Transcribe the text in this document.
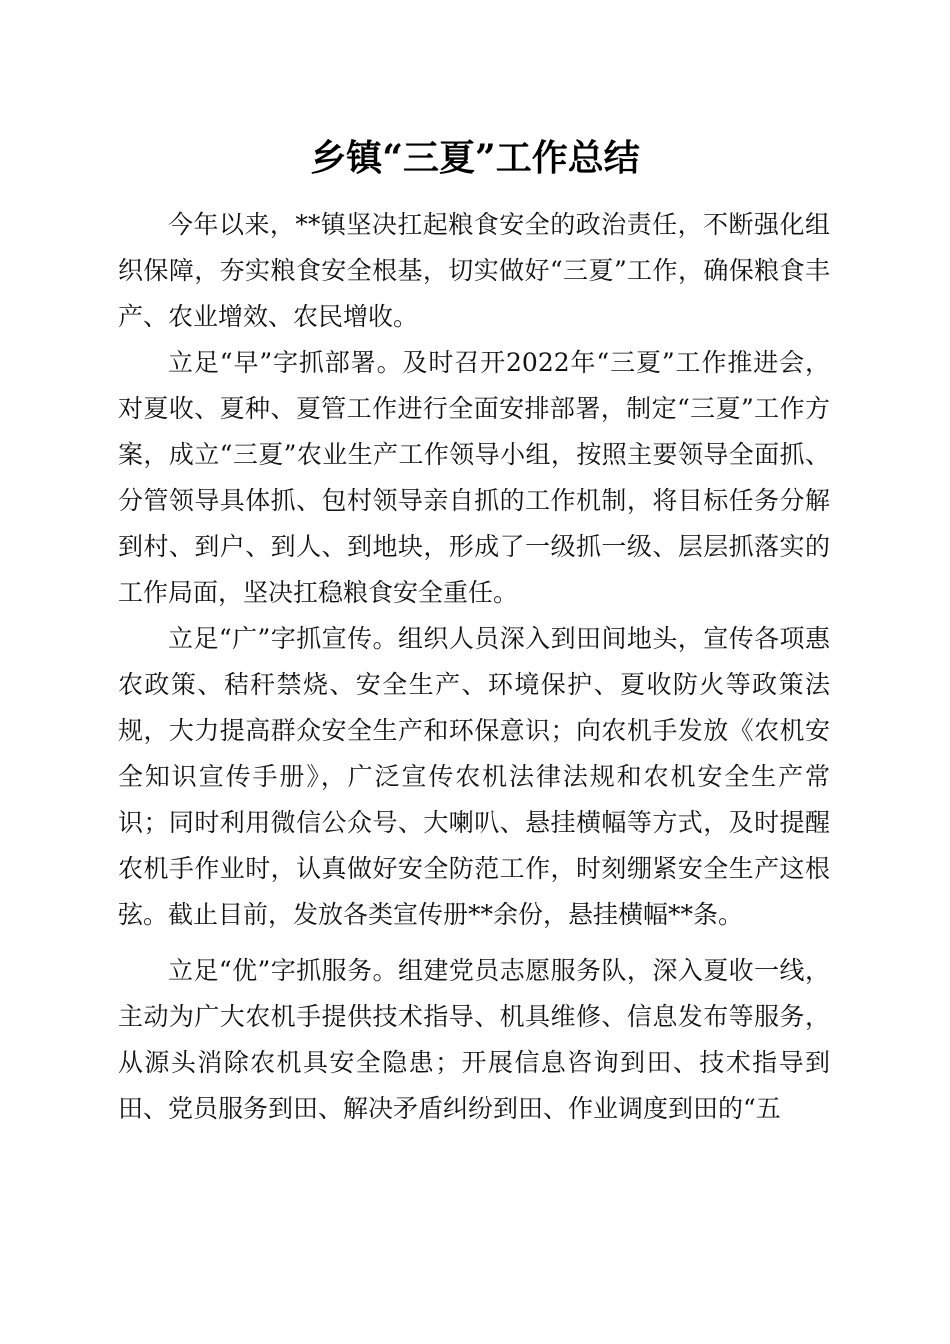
乡镇“三夏”工作总结

今年以来，**镇坚决扛起粮食安全的政治责任，不断强化组织保障，夯实粮食安全根基，切实做好“三夏”工作，确保粮食丰产、农业增效、农民增收。

立足“早”字抓部署。及时召开2022年“三夏”工作推进会，对夏收、夏种、夏管工作进行全面安排部署，制定“三夏”工作方案，成立“三夏”农业生产工作领导小组，按照主要领导全面抓、分管领导具体抓、包村领导亲自抓的工作机制，将目标任务分解到村、到户、到人、到地块，形成了一级抓一级、层层抓落实的工作局面，坚决扛稳粮食安全重任。

立足“广”字抓宣传。组织人员深入到田间地头，宣传各项惠农政策、秸秆禁烧、安全生产、环境保护、夏收防火等政策法规，大力提高群众安全生产和环保意识；向农机手发放《农机安全知识宣传手册》，广泛宣传农机法律法规和农机安全生产常识；同时利用微信公众号、大喇叭、悬挂横幅等方式，及时提醒农机手作业时，认真做好安全防范工作，时刻绷紧安全生产这根弦。截止目前，发放各类宣传册**余份，悬挂横幅**条。

立足“优”字抓服务。组建党员志愿服务队，深入夏收一线，主动为广大农机手提供技术指导、机具维修、信息发布等服务，从源头消除农机具安全隐患；开展信息咨询到田、技术指导到田、党员服务到田、解决矛盾纠纷到田、作业调度到田的“五
